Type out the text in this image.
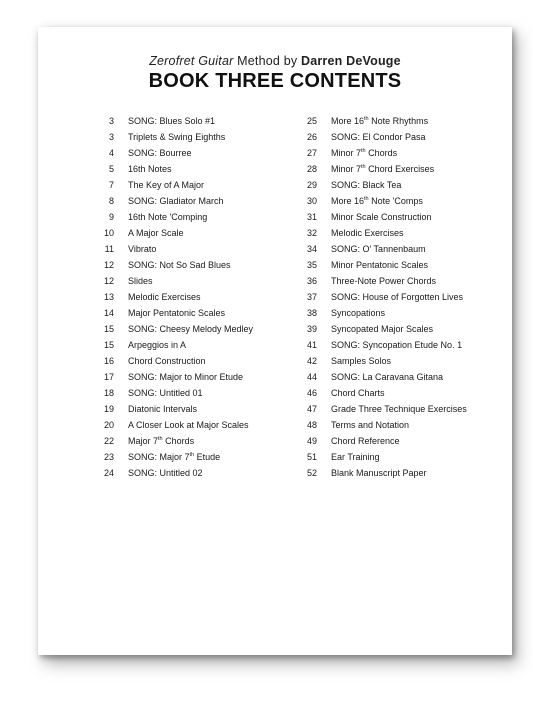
Zerofret Guitar Method by Darren DeVouge
BOOK THREE CONTENTS
3 SONG: Blues Solo #1
3 Triplets & Swing Eighths
4 SONG: Bourree
5 16th Notes
7 The Key of A Major
8 SONG: Gladiator March
9 16th Note 'Comping
10 A Major Scale
11 Vibrato
12 SONG: Not So Sad Blues
12 Slides
13 Melodic Exercises
14 Major Pentatonic Scales
15 SONG: Cheesy Melody Medley
15 Arpeggios in A
16 Chord Construction
17 SONG: Major to Minor Etude
18 SONG: Untitled 01
19 Diatonic Intervals
20 A Closer Look at Major Scales
22 Major 7th Chords
23 SONG: Major 7th Etude
24 SONG: Untitled 02
25 More 16th Note Rhythms
26 SONG: El Condor Pasa
27 Minor 7th Chords
28 Minor 7th Chord Exercises
29 SONG: Black Tea
30 More 16th Note 'Comps
31 Minor Scale Construction
32 Melodic Exercises
34 SONG: O' Tannenbaum
35 Minor Pentatonic Scales
36 Three-Note Power Chords
37 SONG: House of Forgotten Lives
38 Syncopations
39 Syncopated Major Scales
41 SONG: Syncopation Etude No. 1
42 Samples Solos
44 SONG: La Caravana Gitana
46 Chord Charts
47 Grade Three Technique Exercises
48 Terms and Notation
49 Chord Reference
51 Ear Training
52 Blank Manuscript Paper
